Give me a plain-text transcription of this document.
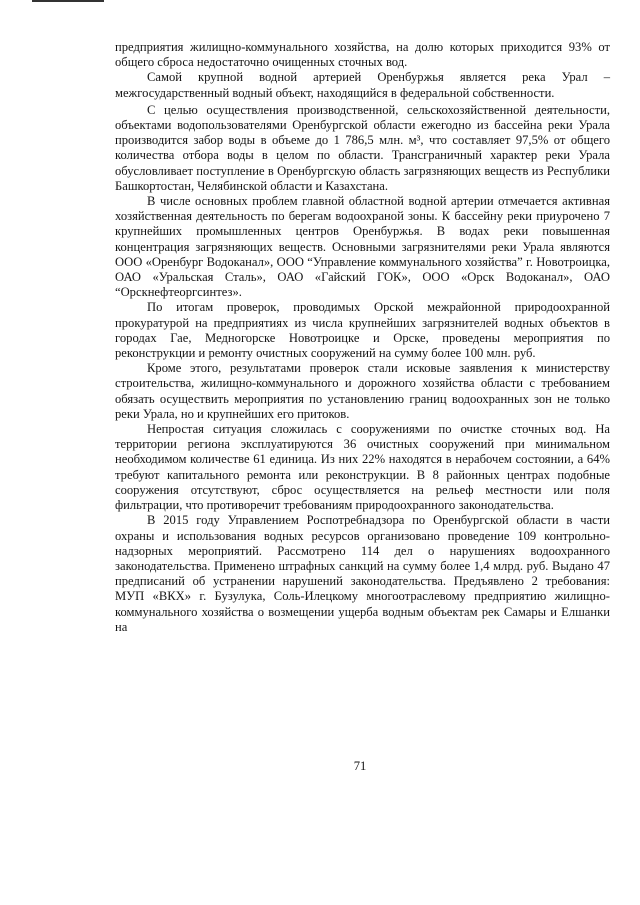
предприятия жилищно-коммунального хозяйства, на долю которых приходится 93% от общего сброса недостаточно очищенных сточных вод.

Самой крупной водной артерией Оренбуржья является река Урал – межгосударственный водный объект, находящийся в федеральной собственности.

С целью осуществления производственной, сельскохозяйственной деятельности, объектами водопользователями Оренбургской области ежегодно из бассейна реки Урала производится забор воды в объеме до 1 786,5 млн. м³, что составляет 97,5% от общего количества отбора воды в целом по области. Трансграничный характер реки Урала обусловливает поступление в Оренбургскую область загрязняющих веществ из Республики Башкортостан, Челябинской области и Казахстана.

В числе основных проблем главной областной водной артерии отмечается активная хозяйственная деятельность по берегам водоохраной зоны. К бассейну реки приурочено 7 крупнейших промышленных центров Оренбуржья. В водах реки повышенная концентрация загрязняющих веществ. Основными загрязнителями реки Урала являются ООО «Оренбург Водоканал», ООО “Управление коммунального хозяйства” г. Новотроицка, ОАО «Уральская Сталь», ОАО «Гайский ГОК», ООО «Орск Водоканал», ОАО “Орскнефтеоргсинтез».

По итогам проверок, проводимых Орской межрайонной природоохранной прокуратурой на предприятиях из числа крупнейших загрязнителей водных объектов в городах Гае, Медногорске Новотроицке и Орске, проведены мероприятия по реконструкции и ремонту очистных сооружений на сумму более 100 млн. руб.

Кроме этого, результатами проверок стали исковые заявления к министерству строительства, жилищно-коммунального и дорожного хозяйства области с требованием обязать осуществить мероприятия по установлению границ водоохранных зон не только реки Урала, но и крупнейших его притоков.

Непростая ситуация сложилась с сооружениями по очистке сточных вод. На территории региона эксплуатируются 36 очистных сооружений при минимальном необходимом количестве 61 единица. Из них 22% находятся в нерабочем состоянии, а 64% требуют капитального ремонта или реконструкции. В 8 районных центрах подобные сооружения отсутствуют, сброс осуществляется на рельеф местности или поля фильтрации, что противоречит требованиям природоохранного законодательства.

В 2015 году Управлением Роспотребнадзора по Оренбургской области в части охраны и использования водных ресурсов организовано проведение 109 контрольно-надзорных мероприятий. Рассмотрено 114 дел о нарушениях водоохранного законодательства. Применено штрафных санкций на сумму более 1,4 млрд. руб. Выдано 47 предписаний об устранении нарушений законодательства. Предъявлено 2 требования: МУП «ВКХ» г. Бузулука, Соль-Илецкому многоотраслевому предприятию жилищно-коммунального хозяйства о возмещении ущерба водным объектам рек Самары и Елшанки на

71
